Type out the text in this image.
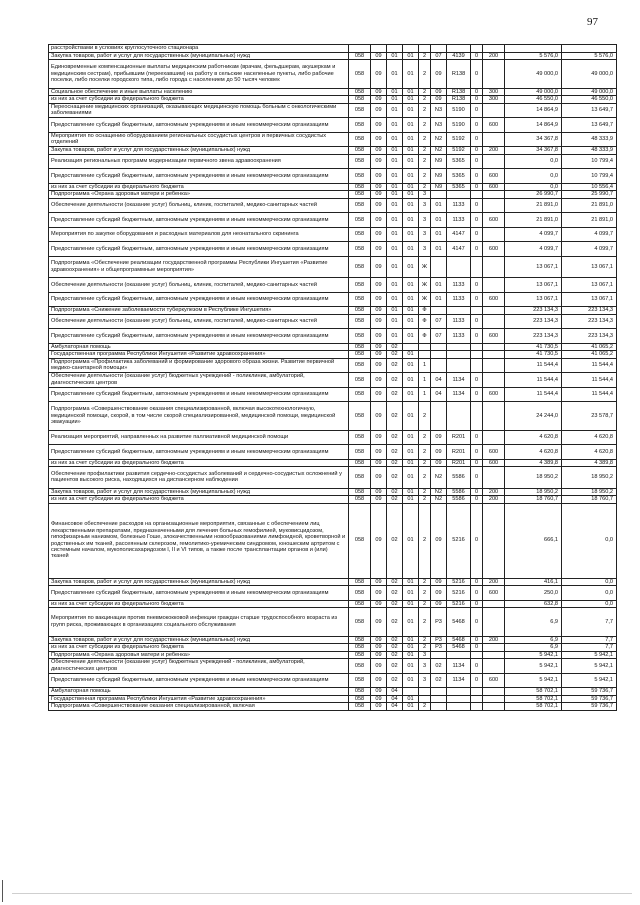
97
расстройствами в условиях круглосуточного стационара											
Закупка товаров, работ и услуг для государственных (муниципальных) нужд	058	09	01	01	2	07	4139	0	200	5 576,0	5 576,0
Единовременные компенсационные выплаты медицинским работникам (врачам, фельдшерам, акушеркам и медицинским сестрам), прибывшим (переехавшим) на работу в сельские населенные пункты, либо рабочие поселки, либо поселки городского типа, либо города с населением до 50 тысяч человек	058	09	01	01	2	09	R138	0		49 000,0	49 000,0
Социальное обеспечение и иные выплаты населению	058	09	01	01	2	09	R138	0	300	49 000,0	49 000,0
из них за счет субсидии из федерального бюджета	058	09	01	01	2	09	R138	0	300	46 550,0	46 550,0
Переоснащение медицинских организаций, оказывающих медицинскую помощь больным с онкологическими заболеваниями	058	09	01	01	2	N3	5190	0		14 864,9	13 649,7
Предоставление субсидий бюджетным, автономным учреждениям и иным некоммерческим организациям	058	09	01	01	2	N3	5190	0	600	14 864,9	13 649,7
Мероприятия по оснащению оборудованием региональных сосудистых центров и первичных сосудистых отделений	058	09	01	01	2	N2	5192	0		34 367,8	48 333,9
Закупка товаров, работ и услуг для государственных (муниципальных) нужд	058	09	01	01	2	N2	5192	0	200	34 367,8	48 333,9
Реализация региональных программ модернизации первичного звена здравоохранения	058	09	01	01	2	N9	5365	0		0,0	10 799,4
Предоставление субсидий бюджетным, автономным учреждениям и иным некоммерческим организациям	058	09	01	01	2	N9	5365	0	600	0,0	10 799,4
из них за счет субсидии из федерального бюджета	058	09	01	01	2	N9	5365	0	600	0,0	10 556,4
Подпрограмма «Охрана здоровья матери и ребенка»	058	09	01	01	3					26 990,7	25 990,7
Обеспечение деятельности (оказание услуг) больниц, клиник, госпиталей, медико-санитарных частей	058	09	01	01	3	01	1133	0		21 891,0	21 891,0
Предоставление субсидий бюджетным, автономным учреждениям и иным некоммерческим организациям	058	09	01	01	3	01	1133	0	600	21 891,0	21 891,0
Мероприятия по закупке оборудования и расходных материалов для неонатального скрининга	058	09	01	01	3	01	4147	0		4 099,7	4 099,7
Предоставление субсидий бюджетным, автономным учреждениям и иным некоммерческим организациям	058	09	01	01	3	01	4147	0	600	4 099,7	4 099,7
Подпрограмма «Обеспечение реализации государственной программы Республики Ингушетия «Развитие здравоохранения» и общепрограммные мероприятия»	058	09	01	01	Ж					13 067,1	13 067,1
Обеспечение деятельности (оказание услуг) больниц, клиник, госпиталей, медико-санитарных частей	058	09	01	01	Ж	01	1133	0		13 067,1	13 067,1
Предоставление субсидий бюджетным, автономным учреждениям и иным некоммерческим организациям	058	09	01	01	Ж	01	1133	0	600	13 067,1	13 067,1
Подпрограмма «Снижение заболеваемости туберкулезом в Республике Ингушетия»	058	09	01	01	Ф					223 134,3	223 134,3
Обеспечение деятельности (оказание услуг) больниц, клиник, госпиталей, медико-санитарных частей	058	09	01	01	Ф	07	1133	0		223 134,3	223 134,3
Предоставление субсидий бюджетным, автономным учреждениям и иным некоммерческим организациям	058	09	01	01	Ф	07	1133	0	600	223 134,3	223 134,3
Амбулаторная помощь	058	09	02							41 730,5	41 065,2
Государственная программа Республики Ингушетия «Развитие здравоохранения»	058	09	02	01						41 730,5	41 065,2
Подпрограмма «Профилактика заболеваний и формирование здорового образа жизни. Развитие первичной медико-санитарной помощи»	058	09	02	01	1					11 544,4	11 544,4
Обеспечение деятельности (оказание услуг) бюджетных учреждений - поликлиник, амбулаторий, диагностических центров	058	09	02	01	1	04	1134	0		11 544,4	11 544,4
Предоставление субсидий бюджетным, автономным учреждениям и иным некоммерческим организациям	058	09	02	01	1	04	1134	0	600	11 544,4	11 544,4
Подпрограмма «Совершенствование оказания специализированной, включая высокотехнологичную, медицинской помощи, скорой, в том числе скорой специализированной, медицинской помощи, медицинской эвакуации»	058	09	02	01	2					24 244,0	23 578,7
Реализация мероприятий, направленных на развитие паллиативной медицинской помощи	058	09	02	01	2	09	R201	0		4 620,8	4 620,8
Предоставление субсидий бюджетным, автономным учреждениям и иным некоммерческим организациям	058	09	02	01	2	09	R201	0	600	4 620,8	4 620,8
из них за счет субсидии из федерального бюджета	058	09	02	01	2	09	R201	0	600	4 389,8	4 389,8
Обеспечение профилактики развития сердечно-сосудистых заболеваний и сердечно-сосудистых осложнений у пациентов высокого риска, находящихся на диспансерном наблюдении	058	09	02	01	2	N2	5586	0		18 950,2	18 950,2
Закупка товаров, работ и услуг для государственных (муниципальных) нужд	058	09	02	01	2	N2	5586	0	200	18 950,2	18 950,2
из них за счет субсидии из федерального бюджета	058	09	02	01	2	N2	5586	0	200	18 760,7	18 760,7
Финансовое обеспечение расходов на организационные мероприятия, связанные с обеспечением лиц лекарственными препаратами, предназначенными для лечения больных гемофилией, муковисцидозом, гипофизарным нанизмом, болезнью Гоше, злокачественными новообразованиями лимфоидной, кроветворной и родственных им тканей, рассеянным склерозом, гемолитико-уремическим синдромом, юношеским артритом с системным началом, мукополисахаридозом I, II и VI типов, а также после трансплантации органов и (или) тканей	058	09	02	01	2	09	5216	0		666,1	0,0
Закупка товаров, работ и услуг для государственных (муниципальных) нужд	058	09	02	01	2	09	5216	0	200	416,1	0,0
Предоставление субсидий бюджетным, автономным учреждениям и иным некоммерческим организациям	058	09	02	01	2	09	5216	0	600	250,0	0,0
из них за счет субсидии из федерального бюджета	058	09	02	01	2	09	5216	0		632,8	0,0
Мероприятия по вакцинации против пневмококковой инфекции граждан старше трудоспособного возраста из групп риска, проживающих в организациях социального обслуживания	058	09	02	01	2	P3	5468	0		6,9	7,7
Закупка товаров, работ и услуг для государственных (муниципальных) нужд	058	09	02	01	2	P3	5468	0	200	6,9	7,7
из них за счет субсидии из федерального бюджета	058	09	02	01	2	P3	5468	0		6,9	7,7
Подпрограмма «Охрана здоровья матери и ребенка»	058	09	02	01	3					5 942,1	5 942,1
Обеспечение деятельности (оказание услуг) бюджетных учреждений - поликлиник, амбулаторий, диагностических центров	058	09	02	01	3	02	1134	0		5 942,1	5 942,1
Предоставление субсидий бюджетным, автономным учреждениям и иным некоммерческим организациям	058	09	02	01	3	02	1134	0	600	5 942,1	5 942,1
Амбулаторная помощь	058	09	04							58 702,1	59 736,7
Государственная программа Республики Ингушетия «Развитие здравоохранения»	058	09	04	01						58 702,1	59 736,7
Подпрограмма «Совершенствование оказания специализированной, включая	058	09	04	01	2					58 702,1	59 736,7
